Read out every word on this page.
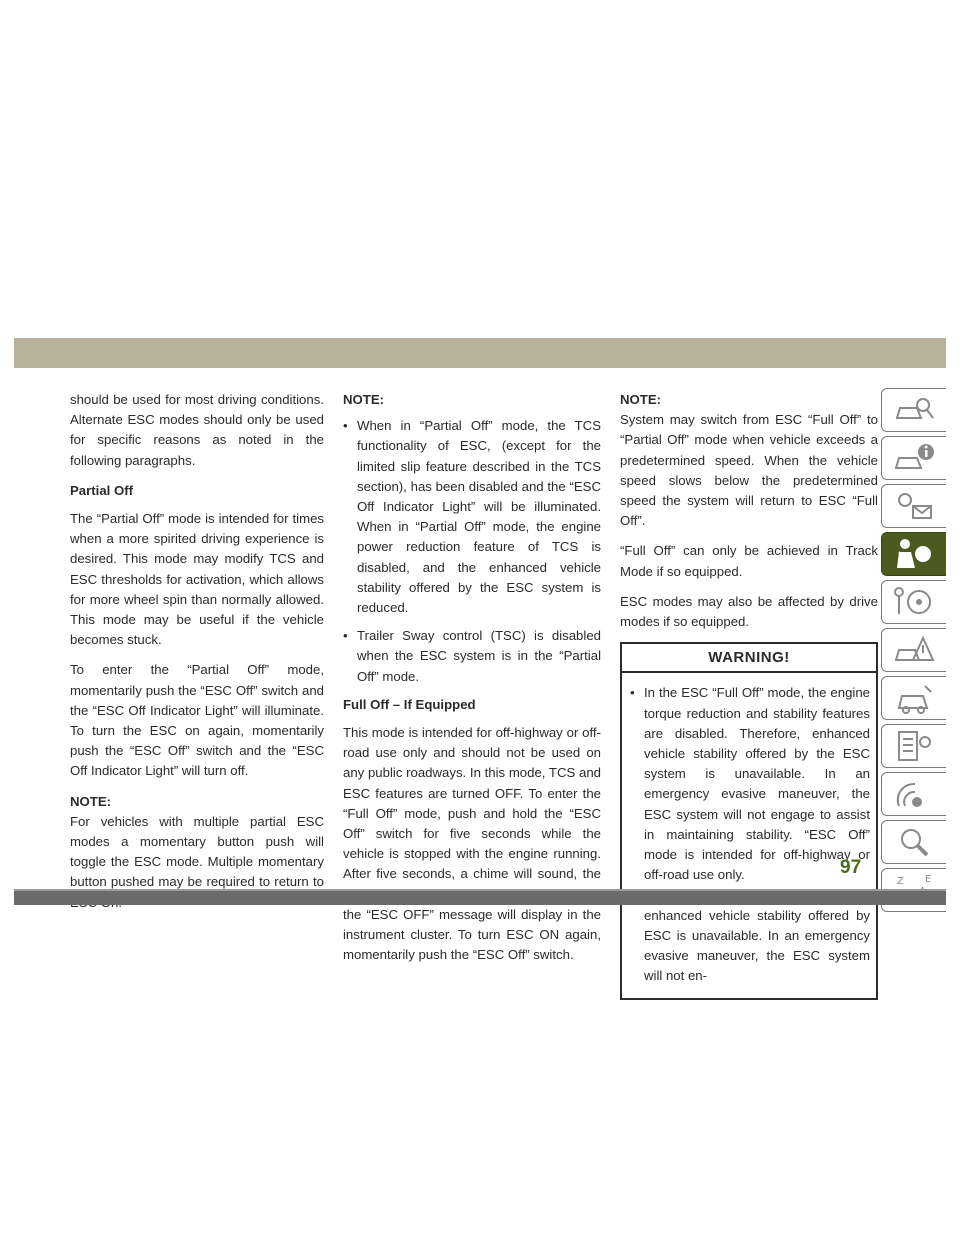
should be used for most driving conditions. Alternate ESC modes should only be used for specific reasons as noted in the following paragraphs.

Partial Off

The “Partial Off” mode is intended for times when a more spirited driving experience is desired. This mode may modify TCS and ESC thresholds for activation, which allows for more wheel spin than normally allowed. This mode may be useful if the vehicle becomes stuck.

To enter the “Partial Off” mode, momentarily push the “ESC Off” switch and the “ESC Off Indicator Light” will illuminate. To turn the ESC on again, momentarily push the “ESC Off” switch and the “ESC Off Indicator Light” will turn off.

NOTE:

For vehicles with multiple partial ESC modes a momentary button push will toggle the ESC mode. Multiple momentary button pushed may be required to return to

NOTE:

• When in “Partial Off” mode, the TCS functionality of ESC, (except for the limited slip feature described in the TCS section), has been disabled and the “ESC Off Indicator Light” will be illuminated. When in “Partial Off” mode, the engine power reduction feature of TCS is disabled, and the enhanced vehicle stability offered by the ESC system is reduced.
• Trailer Sway control (TSC) is disabled when the ESC system is in the “Partial Off” mode.

Full Off – If Equipped

This mode is intended for off-highway or off-road use only and should not be used on any public roadways. In this mode, TCS and ESC features are turned OFF. To enter the “Full Off” mode, push and hold the “ESC Off” switch for five seconds while the vehicle is stopped with the engine running. After five seconds, a chime will sound, the the “ESC OFF” message will display in the instrument cluster. To turn ESC ON again, momentarily push the “ESC Off” switch.

NOTE:

System may switch from ESC “Full Off” to “Partial Off” mode when vehicle exceeds a predetermined speed. When the vehicle speed slows below the predetermined speed the system will return to ESC “Full Off”.

“Full Off” can only be achieved in Track Mode if so equipped.

ESC modes may also be affected by drive modes if so equipped.

WARNING!
• In the ESC “Full Off” mode, the engine torque reduction and stability features are disabled. Therefore, enhanced vehicle stability offered by the ESC system is unavailable. In an emergency evasive maneuver, the ESC system will not engage to assist in maintaining stability. “ESC Off” mode is intended for off-highway or off-road use only.
• enhanced vehicle stability offered by ESC is unavailable. In an emergency evasive maneuver, the ESC system will not en-
Z E
97
